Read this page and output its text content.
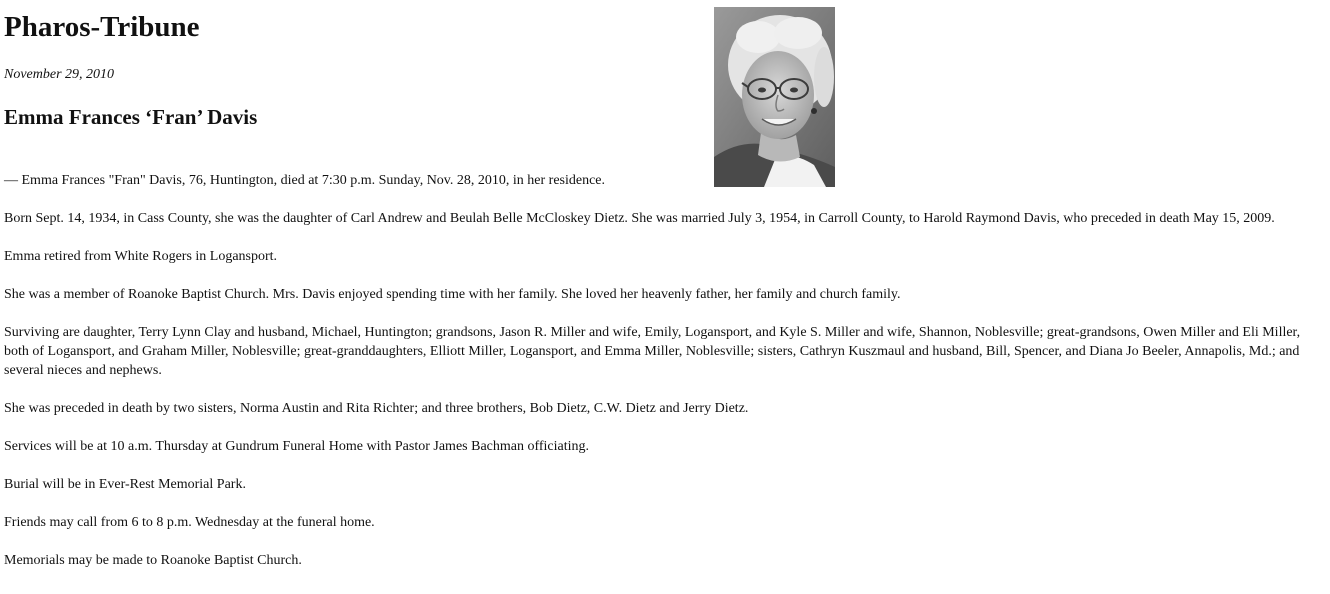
Pharos-Tribune
November 29, 2010
Emma Frances ‘Fran’ Davis

— Emma Frances "Fran" Davis, 76, Huntington, died at 7:30 p.m. Sunday, Nov. 28, 2010, in her residence.

Born Sept. 14, 1934, in Cass County, she was the daughter of Carl Andrew and Beulah Belle McCloskey Dietz. She was married July 3, 1954, in Carroll County, to Harold Raymond Davis, who preceded in death May 15, 2009.

Emma retired from White Rogers in Logansport.

She was a member of Roanoke Baptist Church. Mrs. Davis enjoyed spending time with her family. She loved her heavenly father, her family and church family.

Surviving are daughter, Terry Lynn Clay and husband, Michael, Huntington; grandsons, Jason R. Miller and wife, Emily, Logansport, and Kyle S. Miller and wife, Shannon, Noblesville; great-grandsons, Owen Miller and Eli Miller, both of Logansport, and Graham Miller, Noblesville; great-granddaughters, Elliott Miller, Logansport, and Emma Miller, Noblesville; sisters, Cathryn Kuszmaul and husband, Bill, Spencer, and Diana Jo Beeler, Annapolis, Md.; and several nieces and nephews.

She was preceded in death by two sisters, Norma Austin and Rita Richter; and three brothers, Bob Dietz, C.W. Dietz and Jerry Dietz.

Services will be at 10 a.m. Thursday at Gundrum Funeral Home with Pastor James Bachman officiating.

Burial will be in Ever-Rest Memorial Park.

Friends may call from 6 to 8 p.m. Wednesday at the funeral home.

Memorials may be made to Roanoke Baptist Church.
